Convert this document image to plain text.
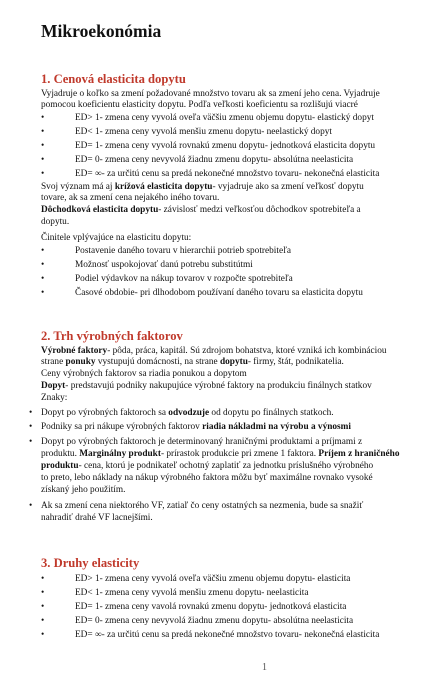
Mikroekonómia
1. Cenová elasticita dopytu
Vyjadruje o koľko sa zmení požadované množstvo tovaru ak sa zmení jeho cena. Vyjadruje
pomocou koeficientu elasticity dopytu. Podľa veľkosti koeficientu sa rozlišujú viacré
•	ED> 1- zmena ceny vyvolá oveľa väčšiu zmenu objemu dopytu- elastický dopyt
•	ED< 1- zmena ceny vyvolá menšiu zmenu dopytu- neelastický dopyt
•	ED= 1- zmena ceny vyvolá rovnakú zmenu dopytu- jednotková elasticita dopytu
•	ED= 0- zmena ceny nevyvolá žiadnu zmenu dopytu- absolútna neelasticita
•	ED= ∞- za určitú cenu sa predá nekonečné množstvo tovaru- nekonečná elasticita
Svoj význam má aj krížová elasticita dopytu- vyjadruje ako sa zmení veľkosť dopytu
tovare, ak sa zmení cena nejakého iného tovaru.
Dôchodková elasticita dopytu- závislosť medzi veľkosťou dôchodkov spotrebiteľa a
dopytu.
Činitele vplývajúce na elasticitu dopytu:
•	Postavenie daného tovaru v hierarchii potrieb spotrebiteľa
•	Možnosť uspokojovať danú potrebu substitútmi
•	Podiel výdavkov na nákup tovarov v rozpočte spotrebiteľa
•	Časové obdobie- pri dlhodobom používaní daného tovaru sa elasticita dopytu
2. Trh výrobných faktorov
Výrobné faktory- pôda, práca, kapitál. Sú zdrojom bohatstva, ktoré vzniká ich kombináciou
strane ponuky vystupujú domácnosti, na strane dopytu- firmy, štát, podnikatelia.
Ceny výrobných faktorov sa riadia ponukou a dopytom
Dopyt- predstavujú podniky nakupujúce výrobné faktory na produkciu finálnych statkov
Znaky:
• Dopyt po výrobných faktoroch sa odvodzuje od dopytu po finálnych statkoch.
• Podniky sa pri nákupe výrobných faktorov riadia nákladmi na výrobu a výnosmi
• Dopyt po výrobných faktoroch je determinovaný hraničnými produktami a príjmami z
produktu. Marginálny produkt- prírastok produkcie pri zmene 1 faktora. Príjem z hraničného
produktu- cena, ktorú je podnikateľ ochotný zaplatiť za jednotku príslušného výrobného
to preto, lebo náklady na nákup výrobného faktora môžu byť maximálne rovnako vysoké
získaný jeho použitím.
• Ak sa zmení cena niektorého VF, zatiaľ čo ceny ostatných sa nezmenia, bude sa snažiť
nahradiť drahé VF lacnejšími.
3. Druhy elasticity
•	ED> 1- zmena ceny vyvolá oveľa väčšiu zmenu objemu dopytu- elasticita
•	ED< 1- zmena ceny vyvolá menšiu zmenu dopytu- neelasticita
•	ED= 1- zmena ceny vavolá rovnakú zmenu dopytu- jednotková elasticita
•	ED= 0- zmena ceny nevyvolá žiadnu zmenu dopytu- absolútna neelasticita
•	ED= ∞- za určitú cenu sa predá nekonečné množstvo tovaru- nekonečná elasticita
1
